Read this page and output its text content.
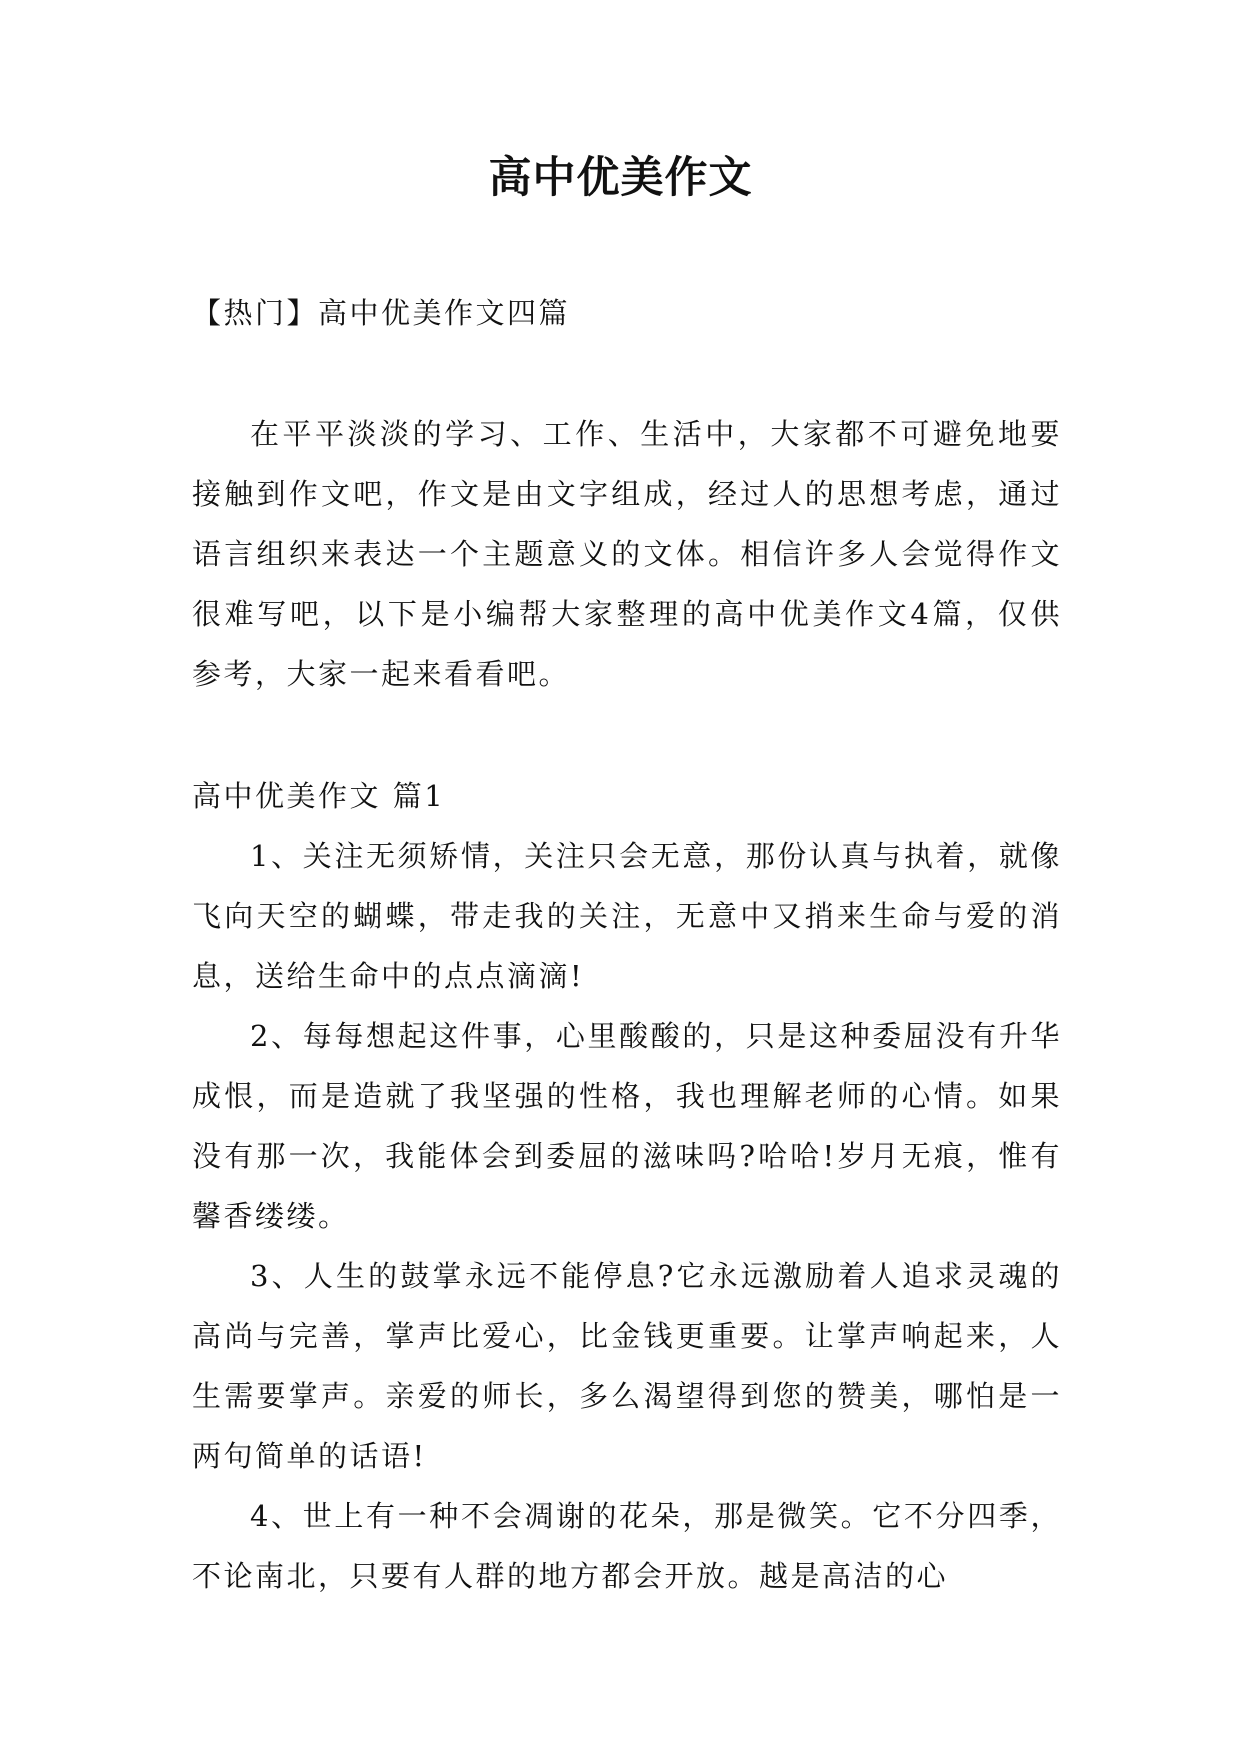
高中优美作文

【热门】高中优美作文四篇

在平平淡淡的学习、工作、生活中，大家都不可避免地要接触到作文吧，作文是由文字组成，经过人的思想考虑，通过语言组织来表达一个主题意义的文体。相信许多人会觉得作文很难写吧，以下是小编帮大家整理的高中优美作文4篇，仅供参考，大家一起来看看吧。

高中优美作文 篇1

1、关注无须矫情，关注只会无意，那份认真与执着，就像飞向天空的蝴蝶，带走我的关注，无意中又捎来生命与爱的消息，送给生命中的点点滴滴!

2、每每想起这件事，心里酸酸的，只是这种委屈没有升华成恨，而是造就了我坚强的性格，我也理解老师的心情。如果没有那一次，我能体会到委屈的滋味吗?哈哈!岁月无痕，惟有馨香缕缕。

3、人生的鼓掌永远不能停息?它永远激励着人追求灵魂的高尚与完善，掌声比爱心，比金钱更重要。让掌声响起来，人生需要掌声。亲爱的师长，多么渴望得到您的赞美，哪怕是一两句简单的话语!

4、世上有一种不会凋谢的花朵，那是微笑。它不分四季，不论南北，只要有人群的地方都会开放。越是高洁的心
